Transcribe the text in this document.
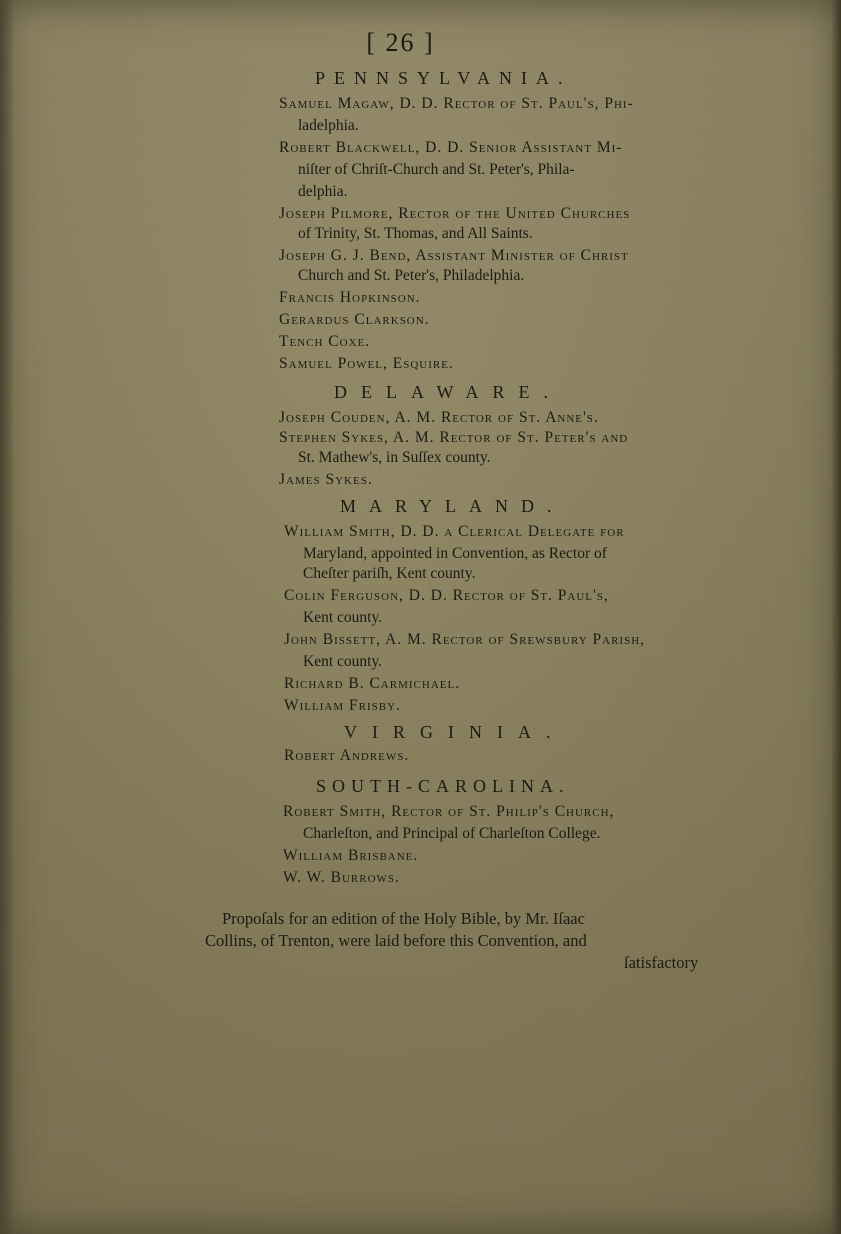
[ 26 ]
PENNSYLVANIA.
Samuel Magaw, D. D. Rector of St. Paul's, Phi-
ladelphia.
Robert Blackwell, D. D. Senior Aſſiſtant Mi-
niſter of Chriſt-Church and St. Peter's, Phila-
delphia.
Joseph Pilmore, Rector of the United Churches
of Trinity, St. Thomas, and All Saints.
Joseph G. J. Bend, Aſſiſtant Miniſter of Chriſt
Church and St. Peter's, Philadelphia.
Francis Hopkinson.
Gerardus Clarkson.
Tench Coxe.
Samuel Powel, Eſquire.
DELAWARE.
Joseph Couden, A. M. Rector of St. Anne's.
Stephen Sykes, A. M. Rector of St. Peter's and
St. Mathew's, in Suſſex county.
James Sykes.
MARYLAND.
William Smith, D. D. a Clerical Delegate for
Maryland, appointed in Convention, as Rector of
Cheſter pariſh, Kent county.
Colin Ferguson, D. D. Rector of St. Paul's,
Kent county.
John Bissett, A. M. Rector of Srewſbury Pariſh,
Kent county.
Richard B. Carmichael.
William Frisby.
VIRGINIA.
Robert Andrews.
SOUTH-CAROLINA.
Robert Smith, Rector of St. Philip's Church,
Charleſton, and Principal of Charleſton College.
William Brisbane.
W. W. Burrows.
Propoſals for an edition of the Holy Bible, by Mr. Iſaac
Collins, of Trenton, were laid before this Convention, and
ſatisfactory
